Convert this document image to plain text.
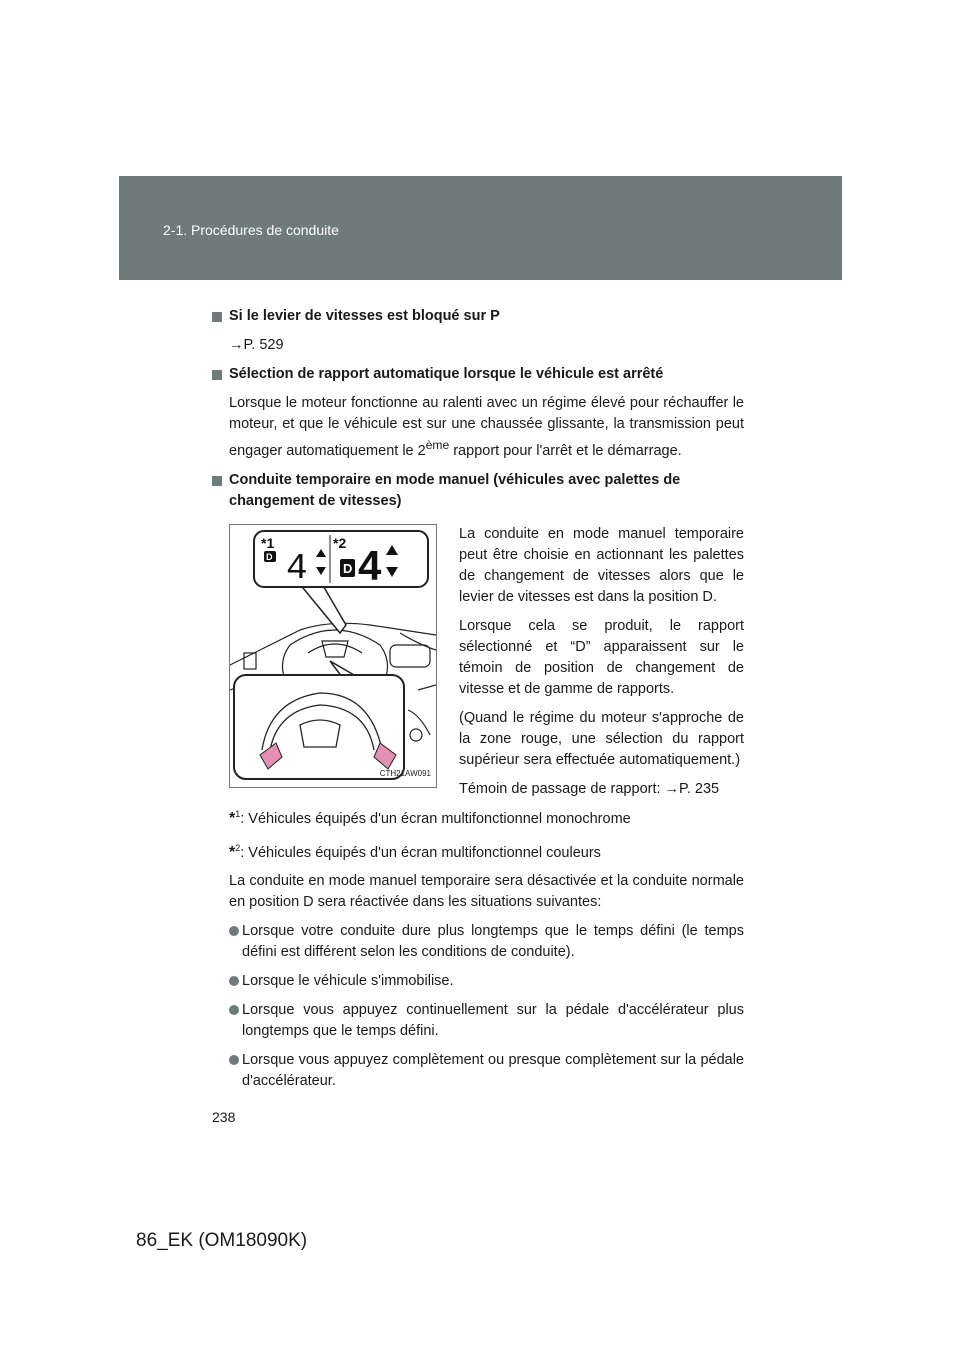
2-1. Procédures de conduite

Si le levier de vitesses est bloqué sur P

→P. 529

Sélection de rapport automatique lorsque le véhicule est arrêté

Lorsque le moteur fonctionne au ralenti avec un régime élevé pour réchauffer le moteur, et que le véhicule est sur une chaussée glissante, la transmission peut engager automatiquement le 2ème rapport pour l'arrêt et le démarrage.

Conduite temporaire en mode manuel (véhicules avec palettes de changement de vitesses)

*1	*2
D 4	D 4
CTH21AW091

La conduite en mode manuel temporaire peut être choisie en actionnant les palettes de changement de vitesses alors que le levier de vitesses est dans la position D.

Lorsque cela se produit, le rapport sélectionné et “D” apparaissent sur le témoin de position de changement de vitesse et de gamme de rapports.

(Quand le régime du moteur s'approche de la zone rouge, une sélection du rapport supérieur sera effectuée automatiquement.)

Témoin de passage de rapport: →P. 235

*$^1$: Véhicules équipés d'un écran multifonctionnel monochrome

*$^2$: Véhicules équipés d'un écran multifonctionnel couleurs

La conduite en mode manuel temporaire sera désactivée et la conduite normale en position D sera réactivée dans les situations suivantes:

Lorsque votre conduite dure plus longtemps que le temps défini (le temps défini est différent selon les conditions de conduite).

Lorsque le véhicule s'immobilise.

Lorsque vous appuyez continuellement sur la pédale d'accélérateur plus longtemps que le temps défini.

Lorsque vous appuyez complètement ou presque complètement sur la pédale d'accélérateur.

238
86_EK (OM18090K)
